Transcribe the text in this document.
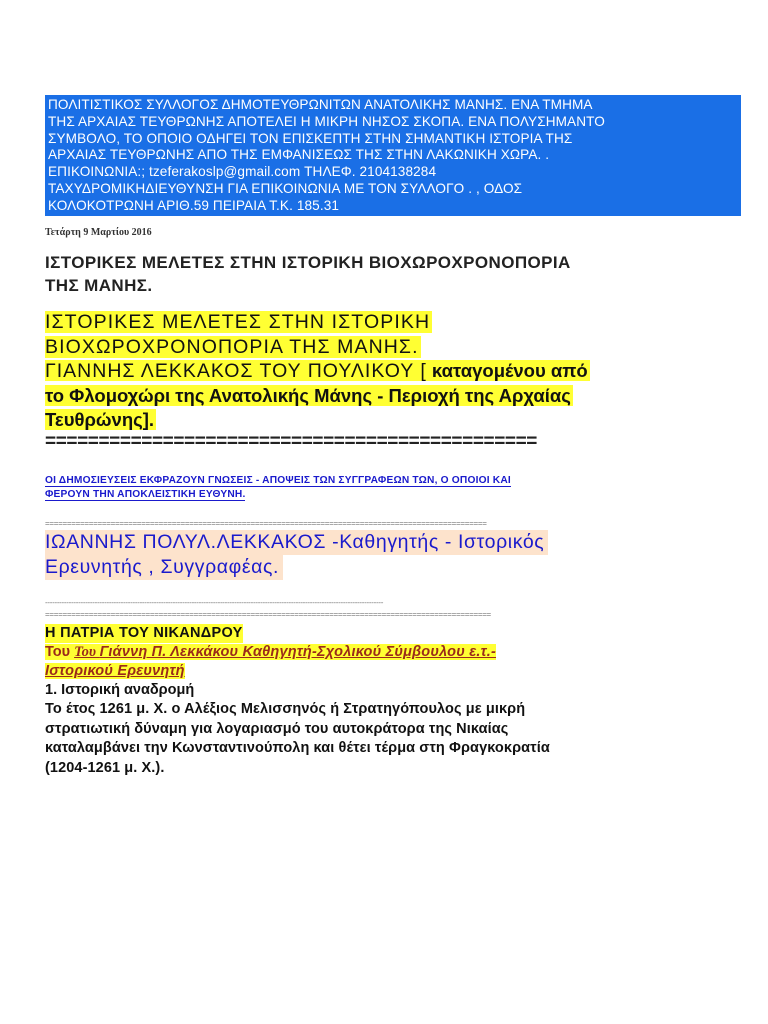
ΠΟΛΙΤΙΣΤΙΚΟΣ ΣΥΛΛΟΓΟΣ ΔΗΜΟΤΕΥΘΡΩΝΙΤΩΝ ΑΝΑΤΟΛΙΚΗΣ ΜΑΝΗΣ. ΕΝΑ ΤΜΗΜΑ
ΤΗΣ ΑΡΧΑΙΑΣ ΤΕΥΘΡΩΝΗΣ ΑΠΟΤΕΛΕΙ Η ΜΙΚΡΗ ΝΗΣΟΣ ΣΚΟΠΑ. ΕΝΑ ΠΟΛΥΣΗΜΑΝΤΟ
ΣΥΜΒΟΛΟ, ΤΟ ΟΠΟΙΟ ΟΔΗΓΕΙ ΤΟΝ ΕΠΙΣΚΕΠΤΗ ΣΤΗΝ ΣΗΜΑΝΤΙΚΗ ΙΣΤΟΡΙΑ ΤΗΣ
ΑΡΧΑΙΑΣ ΤΕΥΘΡΩΝΗΣ ΑΠΟ ΤΗΣ ΕΜΦΑΝΙΣΕΩΣ ΤΗΣ ΣΤΗΝ ΛΑΚΩΝΙΚΗ ΧΩΡΑ. .
ΕΠΙΚΟΙΝΩΝΙΑ:; tzeferakoslp@gmail.com ΤΗΛΕΦ. 2104138284
ΤΑΧΥΔΡΟΜΙΚΗΔΙΕΥΘΥΝΣΗ ΓΙΑ ΕΠΙΚΟΙΝΩΝΙΑ ΜΕ ΤΟΝ ΣΥΛΛΟΓΟ . , ΟΔΟΣ
ΚΟΛΟΚΟΤΡΩΝΗ ΑΡΙΘ.59 ΠΕΙΡΑΙΑ Τ.Κ. 185.31
Τετάρτη 9 Μαρτίου 2016
ΙΣΤΟΡΙΚΕΣ ΜΕΛΕΤΕΣ ΣΤΗΝ ΙΣΤΟΡΙΚΗ ΒΙΟΧΩΡΟΧΡΟΝΟΠΟΡΙΑ
ΤΗΣ ΜΑΝΗΣ.
ΙΣΤΟΡΙΚΕΣ ΜΕΛΕΤΕΣ ΣΤΗΝ ΙΣΤΟΡΙΚΗ
ΒΙΟΧΩΡΟΧΡΟΝΟΠΟΡΙΑ ΤΗΣ ΜΑΝΗΣ.
ΓΙΑΝΝΗΣ ΛΕΚΚΑΚΟΣ ΤΟΥ ΠΟΥΛΙΚΟΥ [ καταγομένου από
το Φλομοχώρι της Ανατολικής Μάνης - Περιοχή της Αρχαίας
Τευθρώνης].
==============================================
ΟΙ ΔΗΜΟΣΙΕΥΣΕΙΣ ΕΚΦΡΑΖΟΥΝ ΓΝΩΣΕΙΣ - ΑΠΟΨΕΙΣ ΤΩΝ ΣΥΓΓΡΑΦΕΩΝ ΤΩΝ, Ο ΟΠΟΙΟΙ ΚΑΙ
ΦΕΡΟΥΝ ΤΗΝ ΑΠΟΚΛΕΙΣΤΙΚΗ ΕΥΘΥΝΗ.
=====================================================================================================
ΙΩΑΝΝΗΣ ΠΟΛΥΛ.ΛΕΚΚΑΚΟΣ -Καθηγητής - Ιστορικός
Ερευνητής , Συγγραφέας.
-----------------------------------------------------------------------------------------------------------------------------------------------
======================================================================================================
Η ΠΑΤΡΙΑ ΤΟΥ ΝΙΚΑΝΔΡΟΥ
Του Του Γιάννη Π. Λεκκάκου Καθηγητή-Σχολικού Σύμβουλου ε.τ.-
Ιστορικού Ερευνητή
1. Ιστορική αναδρομή
Το έτος 1261 μ. Χ. ο Αλέξιος Μελισσηνός ή Στρατηγόπουλος με μικρή
στρατιωτική δύναμη για λογαριασμό του αυτοκράτορα της Νικαίας
καταλαμβάνει την Κωνσταντινούπολη και θέτει τέρμα στη Φραγκοκρατία
(1204-1261 μ. Χ.).
